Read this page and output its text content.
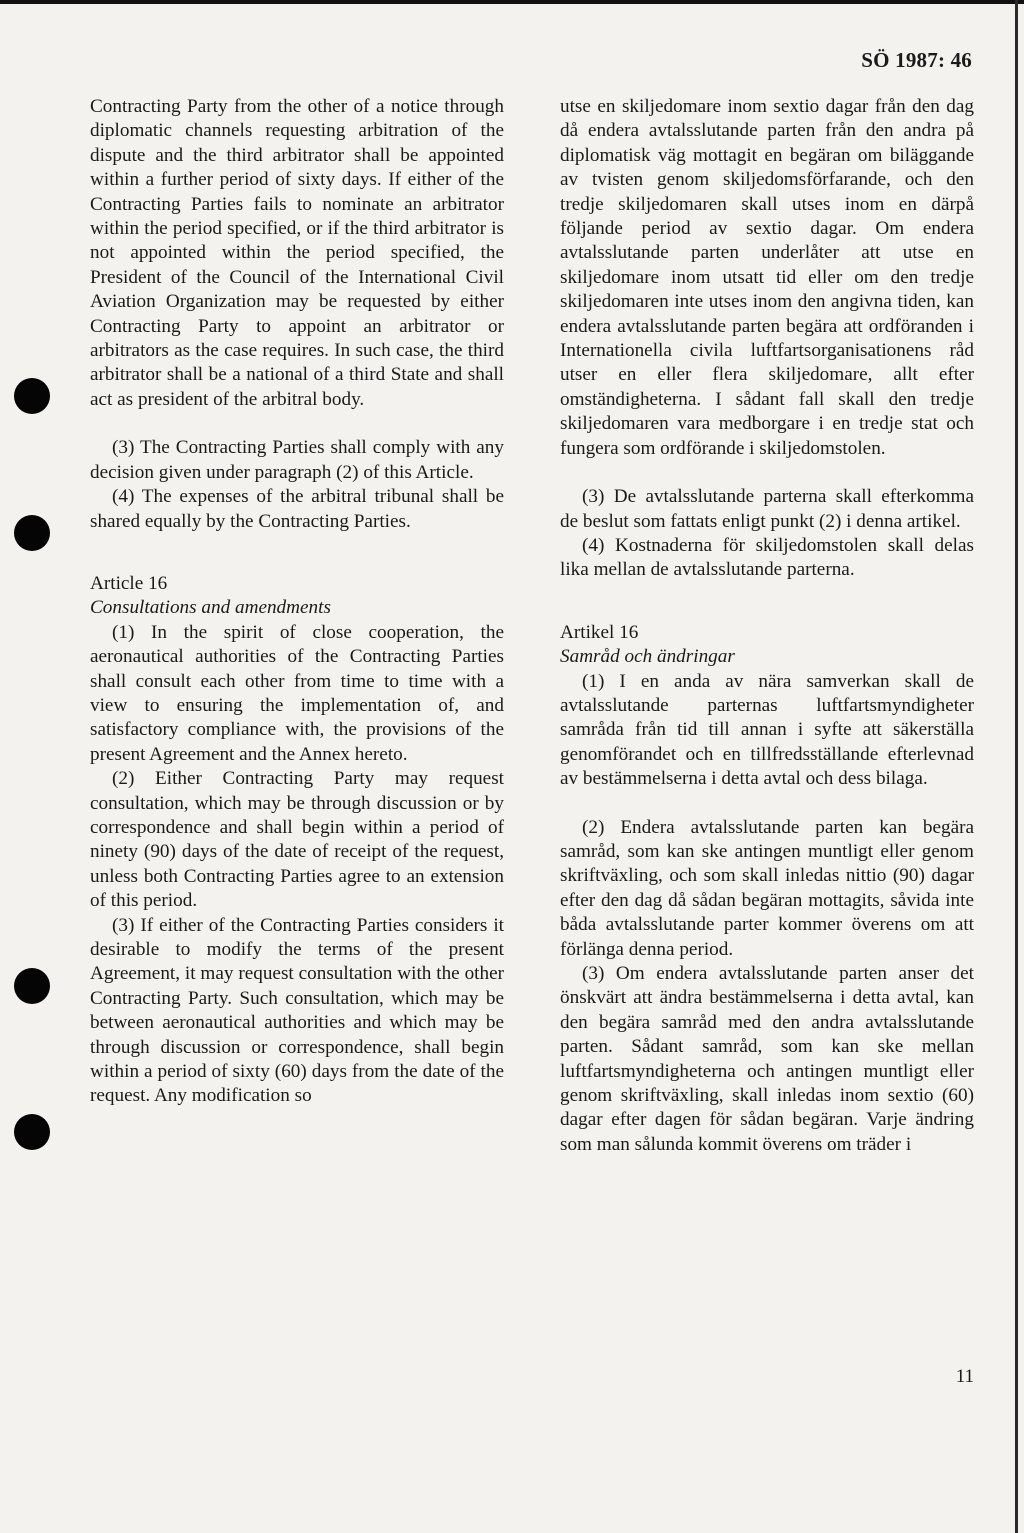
SÖ 1987: 46

Contracting Party from the other of a notice through diplomatic channels requesting arbitration of the dispute and the third arbitrator shall be appointed within a further period of sixty days. If either of the Contracting Parties fails to nominate an arbitrator within the period specified, or if the third arbitrator is not appointed within the period specified, the President of the Council of the International Civil Aviation Organization may be requested by either Contracting Party to appoint an arbitrator or arbitrators as the case requires. In such case, the third arbitrator shall be a national of a third State and shall act as president of the arbitral body.

(3) The Contracting Parties shall comply with any decision given under paragraph (2) of this Article.

(4) The expenses of the arbitral tribunal shall be shared equally by the Contracting Parties.

Article 16

Consultations and amendments

(1) In the spirit of close cooperation, the aeronautical authorities of the Contracting Parties shall consult each other from time to time with a view to ensuring the implementation of, and satisfactory compliance with, the provisions of the present Agreement and the Annex hereto.

(2) Either Contracting Party may request consultation, which may be through discussion or by correspondence and shall begin within a period of ninety (90) days of the date of receipt of the request, unless both Contracting Parties agree to an extension of this period.

(3) If either of the Contracting Parties considers it desirable to modify the terms of the present Agreement, it may request consultation with the other Contracting Party. Such consultation, which may be between aeronautical authorities and which may be through discussion or correspondence, shall begin within a period of sixty (60) days from the date of the request. Any modification so

utse en skiljedomare inom sextio dagar från den dag då endera avtalsslutande parten från den andra på diplomatisk väg mottagit en begäran om biläggande av tvisten genom skiljedomsförfarande, och den tredje skiljedomaren skall utses inom en därpå följande period av sextio dagar. Om endera avtalsslutande parten underlåter att utse en skiljedomare inom utsatt tid eller om den tredje skiljedomaren inte utses inom den angivna tiden, kan endera avtalsslutande parten begära att ordföranden i Internationella civila luftfartsorganisationens råd utser en eller flera skiljedomare, allt efter omständigheterna. I sådant fall skall den tredje skiljedomaren vara medborgare i en tredje stat och fungera som ordförande i skiljedomstolen.

(3) De avtalsslutande parterna skall efterkomma de beslut som fattats enligt punkt (2) i denna artikel.

(4) Kostnaderna för skiljedomstolen skall delas lika mellan de avtalsslutande parterna.

Artikel 16

Samråd och ändringar

(1) I en anda av nära samverkan skall de avtalsslutande parternas luftfartsmyndigheter samråda från tid till annan i syfte att säkerställa genomförandet och en tillfredsställande efterlevnad av bestämmelserna i detta avtal och dess bilaga.

(2) Endera avtalsslutande parten kan begära samråd, som kan ske antingen muntligt eller genom skriftväxling, och som skall inledas nittio (90) dagar efter den dag då sådan begäran mottagits, såvida inte båda avtalsslutande parter kommer överens om att förlänga denna period.

(3) Om endera avtalsslutande parten anser det önskvärt att ändra bestämmelserna i detta avtal, kan den begära samråd med den andra avtalsslutande parten. Sådant samråd, som kan ske mellan luftfartsmyndigheterna och antingen muntligt eller genom skriftväxling, skall inledas inom sextio (60) dagar efter dagen för sådan begäran. Varje ändring som man sålunda kommit överens om träder i

11
